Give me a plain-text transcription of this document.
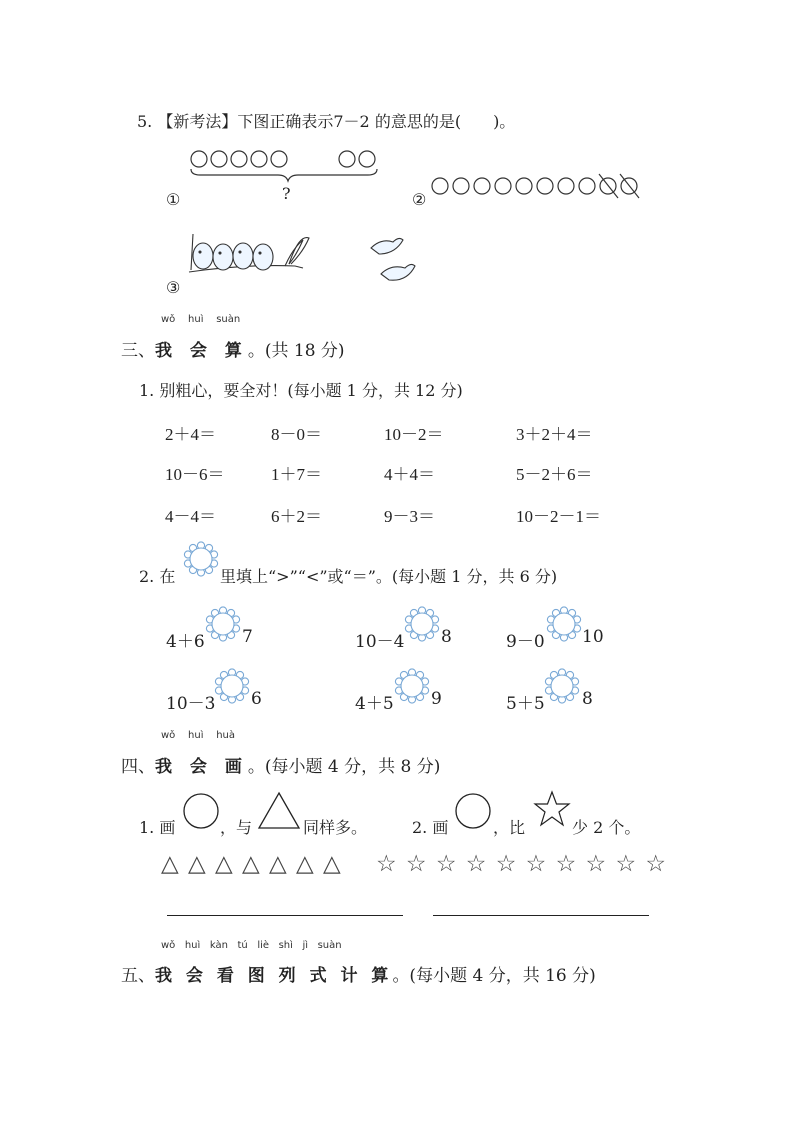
5. 【新考法】下图正确表示7－2 的意思的是(　　)。
?
①	②
③
wǒ huì suàn
三、我 会 算。(共 18 分)
1. 别粗心，要全对！(每小题 1 分，共 12 分)
2＋4＝	8－0＝	10－2＝	3＋2＋4＝
10－6＝	1＋7＝	4＋4＝	5－2＋6＝
4－4＝	6＋2＝	9－3＝	10－2－1＝
2. 在	里填上“>”“<”或“＝”。(每小题 1 分，共 6 分)
4＋6 7	10－4 8	9－0 10
10－3 6	4＋5 9	5＋5 8
wǒ huì huà
四、我 会 画。(每小题 4 分，共 8 分)
1. 画	，与	同样多。	2. 画	，比	少 2 个。
△ △ △ △ △ △ △ ☆ ☆ ☆ ☆ ☆ ☆ ☆ ☆ ☆ ☆
wǒ huì kàn tú liè shì jì suàn
五、我 会 看 图 列 式 计 算。(每小题 4 分，共 16 分)
